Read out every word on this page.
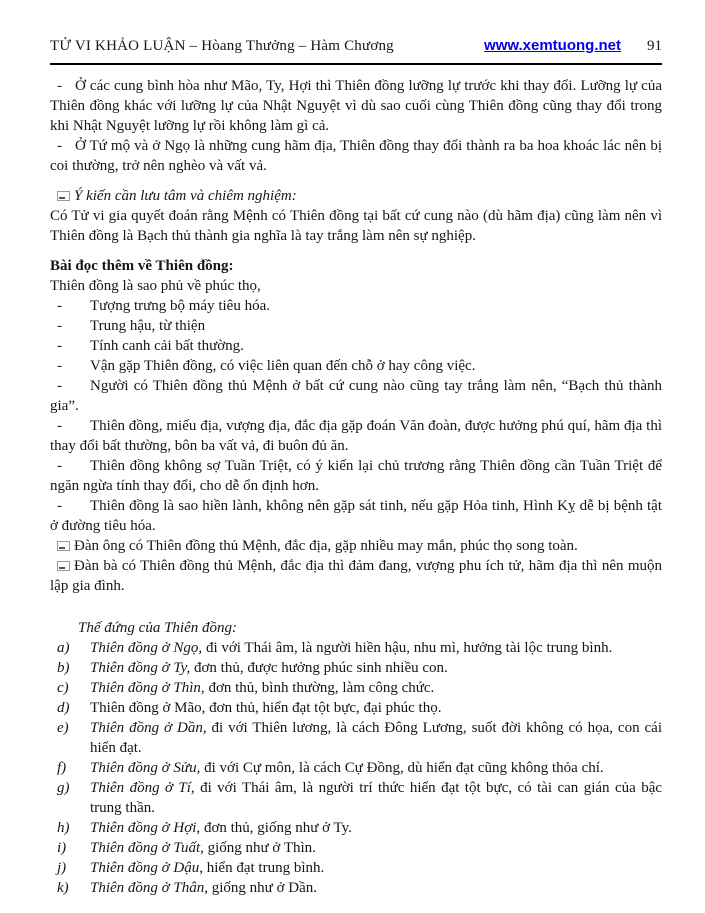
TỬ VI KHẢO LUẬN – Hòang Thưởng – Hàm Chương	www.xemtuong.net 91
- Ở các cung bình hòa như Mão, Ty, Hợi thì Thiên đồng lưỡng lự trước khi thay đổi. Lưỡng lự của Thiên đồng khác với lưỡng lự của Nhật Nguyệt vì dù sao cuối cùng Thiên đồng cũng thay đổi trong khi Nhật Nguyệt lưỡng lự rồi không làm gì cả.
- Ở Tứ mộ và ở Ngọ là những cung hãm địa, Thiên đồng thay đổi thành ra ba hoa khoác lác nên bị coi thường, trở nên nghèo và vất vả.
Ý kiến cần lưu tâm và chiêm nghiệm:
Có Tử vi gia quyết đoán rằng Mệnh có Thiên đồng tại bất cứ cung nào (dù hãm địa) cũng làm nên vì Thiên đồng là Bạch thủ thành gia nghĩa là tay trắng làm nên sự nghiệp.
Bài đọc thêm về Thiên đồng:
Thiên đồng là sao phủ về phúc thọ,
- Tượng trưng bộ máy tiêu hóa.
- Trung hậu, từ thiện
- Tính canh cải bất thường.
- Vận gặp Thiên đồng, có việc liên quan đến chỗ ở hay công việc.
- Người có Thiên đồng thủ Mệnh ở bất cứ cung nào cũng tay trắng làm nên, “Bạch thủ thành gia”.
- Thiên đồng, miếu địa, vượng địa, đắc địa gặp đoán Văn đoàn, được hưởng phú quí, hãm địa thì thay đổi bất thường, bôn ba vất vả, đi buôn đủ ăn.
- Thiên đồng không sợ Tuần Triệt, có ý kiến lại chủ trương rằng Thiên đồng cần Tuần Triệt để ngăn ngừa tính thay đổi, cho dễ ổn định hơn.
- Thiên đồng là sao hiền lành, không nên gặp sát tinh, nếu gặp Hỏa tinh, Hình Kỵ dễ bị bệnh tật ở đường tiêu hóa.
Đàn ông có Thiên đồng thủ Mệnh, đắc địa, gặp nhiều may mắn, phúc thọ song toàn.
Đàn bà có Thiên đồng thủ Mệnh, đắc địa thì đảm đang, vượng phu ích tử, hãm địa thì nên muộn lập gia đình.
Thế đứng của Thiên đồng:
a) Thiên đồng ở Ngọ, đi với Thái âm, là người hiền hậu, nhu mì, hưởng tài lộc trung bình.
b) Thiên đồng ở Ty, đơn thủ, được hưởng phúc sinh nhiều con.
c) Thiên đồng ở Thìn, đơn thủ, bình thường, làm công chức.
d) Thiên đồng ở Mão, đơn thủ, hiển đạt tột bực, đại phúc thọ.
e) Thiên đồng ở Dần, đi với Thiên lương, là cách Đông Lương, suốt đời không có họa, con cái hiển đạt.
f) Thiên đồng ở Sửu, đi với Cự môn, là cách Cự Đồng, dù hiển đạt cũng không thỏa chí.
g) Thiên đồng ở Tí, đi với Thái âm, là người trí thức hiển đạt tột bực, có tài can gián của bậc trung thần.
h) Thiên đồng ở Hợi, đơn thủ, giống như ở Ty.
i) Thiên đồng ở Tuất, giống như ở Thìn.
j) Thiên đồng ở Dậu, hiển đạt trung bình.
k) Thiên đồng ở Thân, giống như ở Dần.
